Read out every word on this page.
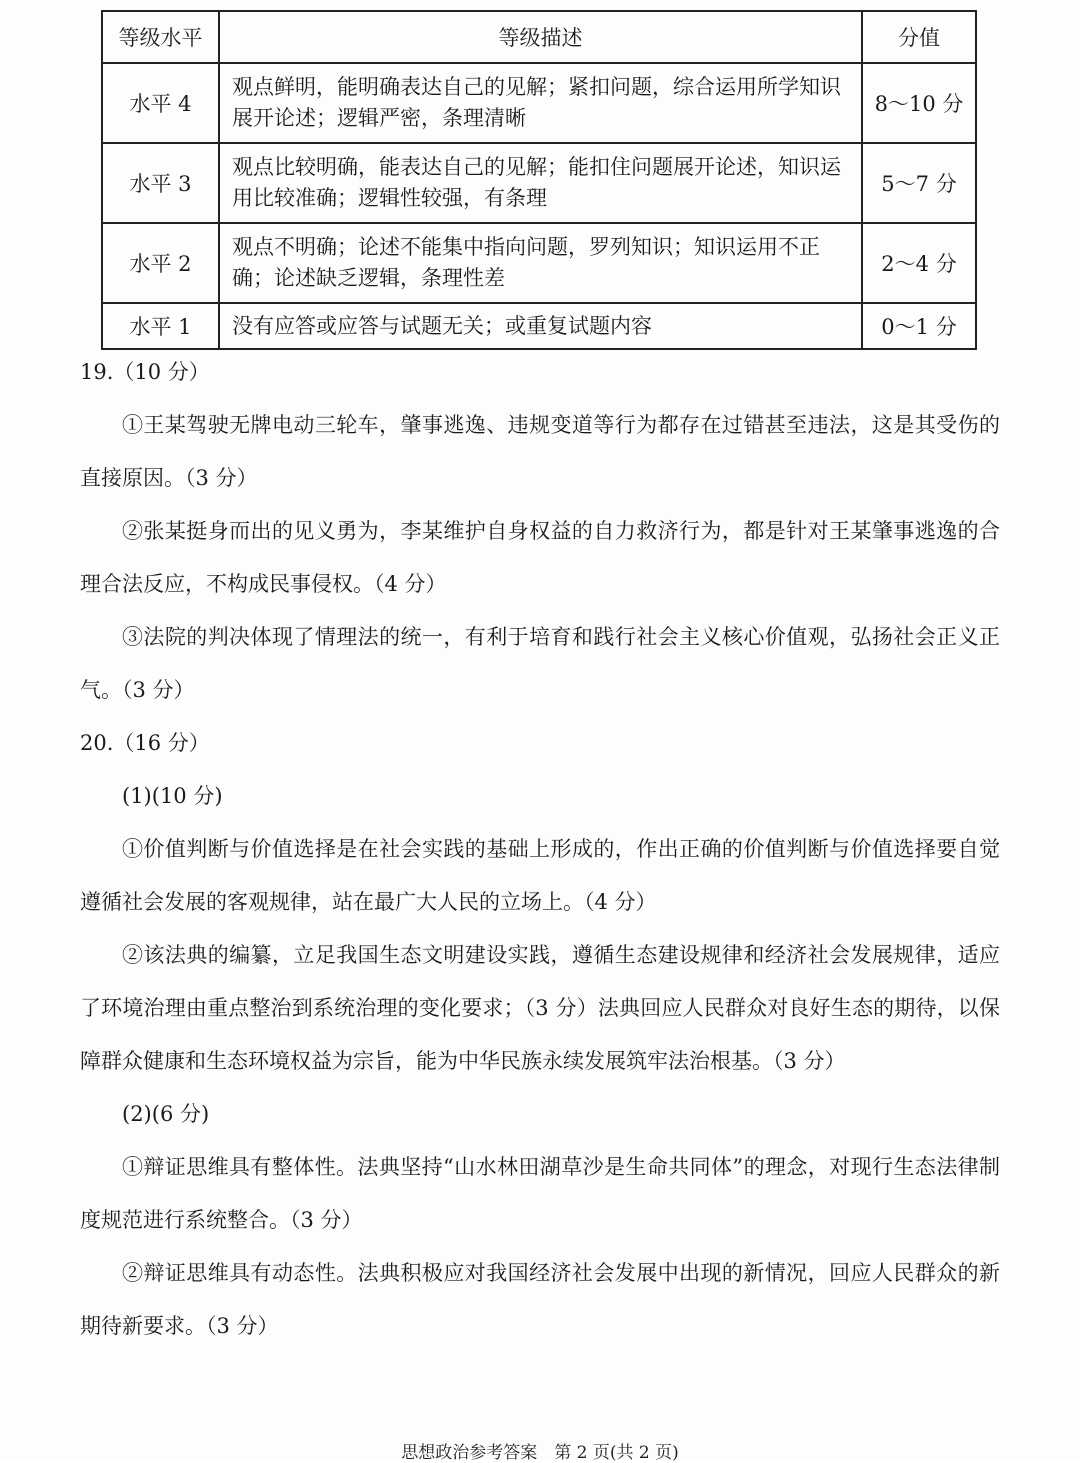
等级水平	等级描述	分值
水平 4	观点鲜明，能明确表达自己的见解；紧扣问题，综合运用所学知识展开论述；逻辑严密，条理清晰	8～10 分
水平 3	观点比较明确，能表达自己的见解；能扣住问题展开论述，知识运用比较准确；逻辑性较强，有条理	5～7 分
水平 2	观点不明确；论述不能集中指向问题，罗列知识；知识运用不正确；论述缺乏逻辑，条理性差	2～4 分
水平 1	没有应答或应答与试题无关；或重复试题内容	0～1 分

19.（10 分）

①王某驾驶无牌电动三轮车，肇事逃逸、违规变道等行为都存在过错甚至违法，这是其受伤的直接原因。（3 分）

②张某挺身而出的见义勇为，李某维护自身权益的自力救济行为，都是针对王某肇事逃逸的合理合法反应，不构成民事侵权。（4 分）

③法院的判决体现了情理法的统一，有利于培育和践行社会主义核心价值观，弘扬社会正义正气。（3 分）

20.（16 分）

(1)(10 分)

①价值判断与价值选择是在社会实践的基础上形成的，作出正确的价值判断与价值选择要自觉遵循社会发展的客观规律，站在最广大人民的立场上。（4 分）

②该法典的编纂，立足我国生态文明建设实践，遵循生态建设规律和经济社会发展规律，适应了环境治理由重点整治到系统治理的变化要求；（3 分）法典回应人民群众对良好生态的期待，以保障群众健康和生态环境权益为宗旨，能为中华民族永续发展筑牢法治根基。（3 分）

(2)(6 分)

①辩证思维具有整体性。法典坚持“山水林田湖草沙是生命共同体”的理念，对现行生态法律制度规范进行系统整合。（3 分）

②辩证思维具有动态性。法典积极应对我国经济社会发展中出现的新情况，回应人民群众的新期待新要求。（3 分）

思想政治参考答案　第 2 页(共 2 页)
